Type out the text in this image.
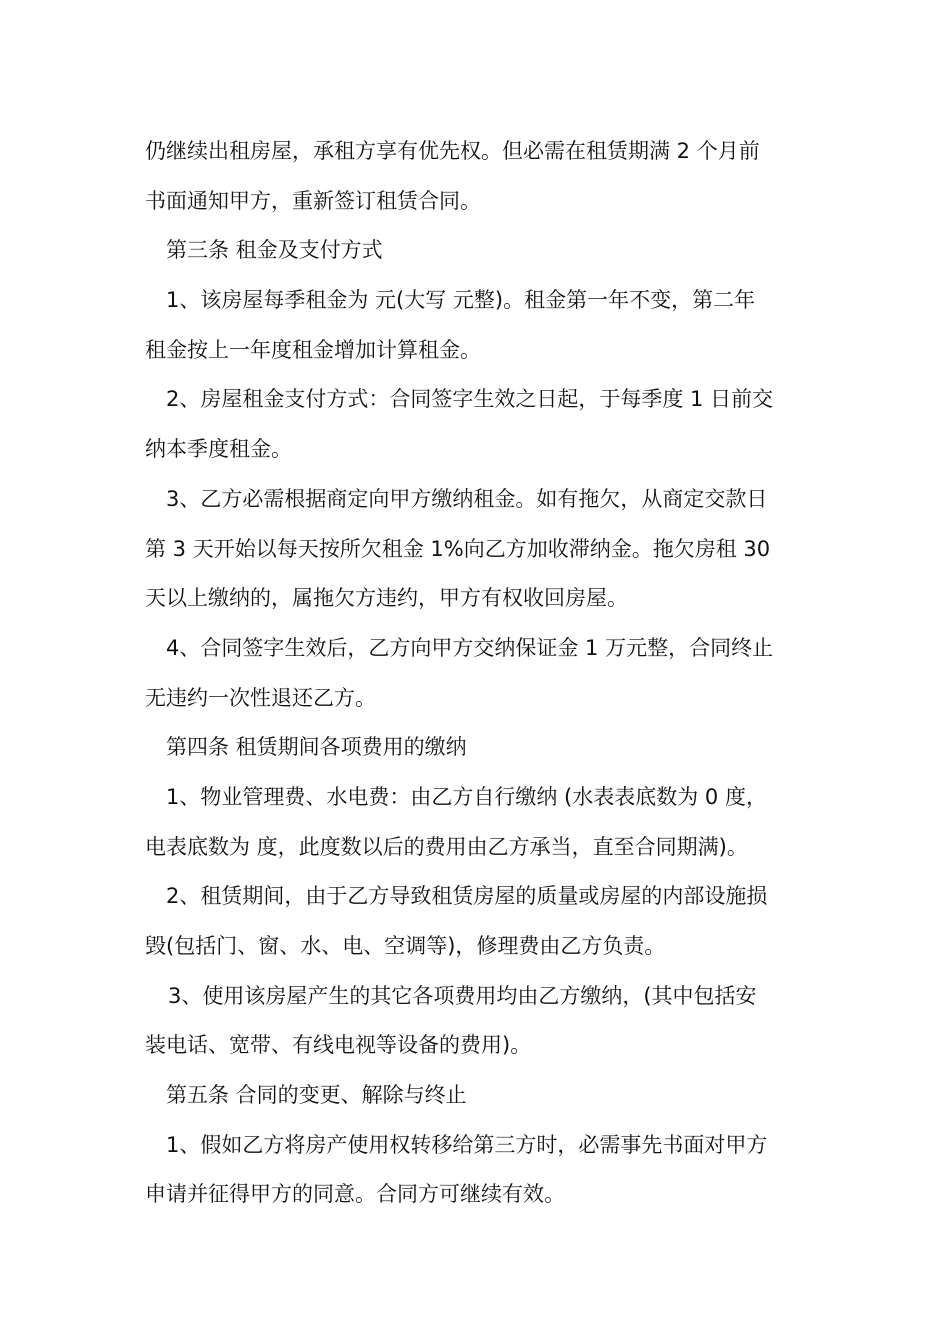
仍继续出租房屋，承租方享有优先权。但必需在租赁期满 2 个月前
书面通知甲方，重新签订租赁合同。
第三条 租金及支付方式
1、该房屋每季租金为 元(大写 元整)。租金第一年不变，第二年
租金按上一年度租金增加计算租金。
2、房屋租金支付方式：合同签字生效之日起，于每季度 1 日前交
纳本季度租金。
3、乙方必需根据商定向甲方缴纳租金。如有拖欠，从商定交款日
第 3 天开始以每天按所欠租金 1%向乙方加收滞纳金。拖欠房租 30
天以上缴纳的，属拖欠方违约，甲方有权收回房屋。
4、合同签字生效后，乙方向甲方交纳保证金 1 万元整，合同终止
无违约一次性退还乙方。
第四条 租赁期间各项费用的缴纳
1、物业管理费、水电费：由乙方自行缴纳 (水表表底数为 0 度，
电表底数为 度，此度数以后的费用由乙方承当，直至合同期满)。
2、租赁期间，由于乙方导致租赁房屋的质量或房屋的内部设施损
毁(包括门、窗、水、电、空调等)，修理费由乙方负责。
3、使用该房屋产生的其它各项费用均由乙方缴纳，(其中包括安
装电话、宽带、有线电视等设备的费用)。
第五条 合同的变更、解除与终止
1、假如乙方将房产使用权转移给第三方时，必需事先书面对甲方
申请并征得甲方的同意。合同方可继续有效。
